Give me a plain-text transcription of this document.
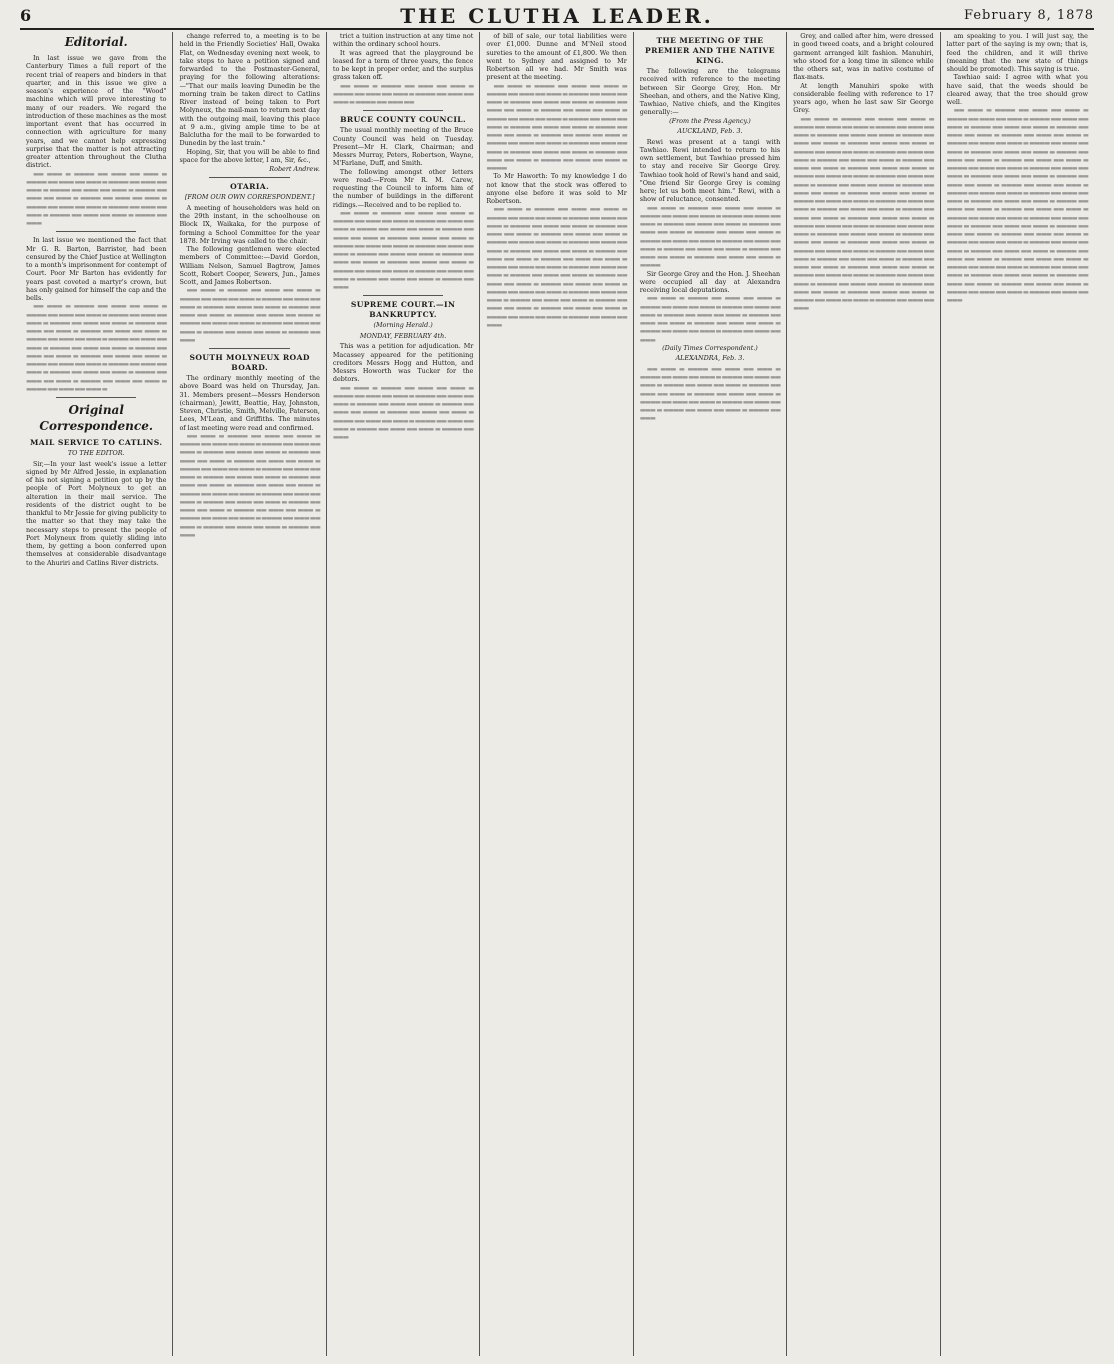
6	THE CLUTHA LEADER.	February 8, 1878
Editorial.

In last issue we gave from the Canterbury Times a full report of the recent trial of reapers and binders in that quarter, and in this issue we give a season's experience of the "Wood" machine which will prove interesting to many of our readers. We regard the introduction of these machines as the most important event that has occurred in connection with agriculture for many years, and we cannot help expressing surprise that the matter is not attracting greater attention throughout the Clutha district.

▬▬ ▬▬▬ ▬ ▬▬▬▬ ▬▬ ▬▬▬ ▬▬ ▬▬▬ ▬ ▬▬▬▬ ▬▬ ▬▬▬ ▬▬ ▬▬▬ ▬ ▬▬▬▬ ▬▬ ▬▬▬ ▬▬ ▬▬▬ ▬ ▬▬▬▬ ▬▬ ▬▬▬ ▬▬ ▬▬▬ ▬ ▬▬▬▬ ▬▬ ▬▬▬ ▬▬ ▬▬▬ ▬ ▬▬▬▬ ▬▬ ▬▬▬ ▬▬ ▬▬▬ ▬ ▬▬▬▬ ▬▬ ▬▬▬ ▬▬ ▬▬▬ ▬ ▬▬▬▬ ▬▬ ▬▬▬ ▬▬ ▬▬▬ ▬ ▬▬▬▬ ▬▬ ▬▬▬ ▬▬ ▬▬▬ ▬ ▬▬▬▬ ▬▬ ▬▬▬

In last issue we mentioned the fact that Mr G. R. Barton, Barrister, had been censured by the Chief Justice at Wellington to a month's imprisonment for contempt of Court. Poor Mr Barton has evidently for years past coveted a martyr's crown, but has only gained for himself the cap and the bells.

▬▬ ▬▬▬ ▬ ▬▬▬▬ ▬▬ ▬▬▬ ▬▬ ▬▬▬ ▬ ▬▬▬▬ ▬▬ ▬▬▬ ▬▬ ▬▬▬ ▬ ▬▬▬▬ ▬▬ ▬▬▬ ▬▬ ▬▬▬ ▬ ▬▬▬▬ ▬▬ ▬▬▬ ▬▬ ▬▬▬ ▬ ▬▬▬▬ ▬▬ ▬▬▬ ▬▬ ▬▬▬ ▬ ▬▬▬▬ ▬▬ ▬▬▬ ▬▬ ▬▬▬ ▬ ▬▬▬▬ ▬▬ ▬▬▬ ▬▬ ▬▬▬ ▬ ▬▬▬▬ ▬▬ ▬▬▬ ▬▬ ▬▬▬ ▬ ▬▬▬▬ ▬▬ ▬▬▬ ▬▬ ▬▬▬ ▬ ▬▬▬▬ ▬▬ ▬▬▬ ▬▬ ▬▬▬ ▬ ▬▬▬▬ ▬▬ ▬▬▬ ▬▬ ▬▬▬ ▬ ▬▬▬▬ ▬▬ ▬▬▬ ▬▬ ▬▬▬ ▬ ▬▬▬▬ ▬▬ ▬▬▬ ▬▬ ▬▬▬ ▬ ▬▬▬▬ ▬▬ ▬▬▬ ▬▬ ▬▬▬ ▬ ▬▬▬▬ ▬▬ ▬▬▬ ▬▬ ▬▬▬ ▬ ▬▬▬▬ ▬▬ ▬▬▬ ▬▬ ▬▬▬ ▬ ▬▬▬▬ ▬▬ ▬▬▬ ▬▬ ▬▬▬ ▬

Original Correspondence.
MAIL SERVICE TO CATLINS.
TO THE EDITOR.

Sir,—In your last week's issue a letter signed by Mr Alfred Jessie, in explanation of his not signing a petition got up by the people of Port Molyneux to get an alteration in their mail service. The residents of the district ought to be thankful to Mr Jessie for giving publicity to the matter so that they may take the necessary steps to present the people of Port Molyneux from quietly sliding into them, by getting a boon conferred upon themselves at considerable disadvantage to the Ahuriri and Catlins River districts.

change referred to, a meeting is to be held in the Friendly Societies' Hall, Owaka Flat, on Wednesday evening next week, to take steps to have a petition signed and forwarded to the Postmaster-General, praying for the following alterations:—"That our mails leaving Dunedin be the morning train be taken direct to Catlins River instead of being taken to Port Molyneux, the mail-man to return next day with the outgoing mail, leaving this place at 9 a.m., giving ample time to be at Balclutha for the mail to be forwarded to Dunedin by the last train."

Hoping, Sir, that you will be able to find space for the above letter, I am, Sir, &c.,

Robert Andrew.
OTARIA.
[FROM OUR OWN CORRESPONDENT.]

A meeting of householders was held on the 29th instant, in the schoolhouse on Block IX, Waikaka, for the purpose of forming a School Committee for the year 1878. Mr Irving was called to the chair.

The following gentlemen were elected members of Committee:—David Gordon, William Nelson, Samuel Bagtrow, James Scott, Robert Cooper, Sewers, Jun., James Scott, and James Robertson.

▬▬ ▬▬▬ ▬ ▬▬▬▬ ▬▬ ▬▬▬ ▬▬ ▬▬▬ ▬ ▬▬▬▬ ▬▬ ▬▬▬ ▬▬ ▬▬▬ ▬ ▬▬▬▬ ▬▬ ▬▬▬ ▬▬ ▬▬▬ ▬ ▬▬▬▬ ▬▬ ▬▬▬ ▬▬ ▬▬▬ ▬ ▬▬▬▬ ▬▬ ▬▬▬ ▬▬ ▬▬▬ ▬ ▬▬▬▬ ▬▬ ▬▬▬ ▬▬ ▬▬▬ ▬ ▬▬▬▬ ▬▬ ▬▬▬ ▬▬ ▬▬▬ ▬ ▬▬▬▬ ▬▬ ▬▬▬ ▬▬ ▬▬▬ ▬ ▬▬▬▬ ▬▬ ▬▬▬ ▬▬ ▬▬▬ ▬ ▬▬▬▬ ▬▬ ▬▬▬

SOUTH MOLYNEUX ROAD BOARD.

The ordinary monthly meeting of the above Board was held on Thursday, Jan. 31. Members present—Messrs Henderson (chairman), Jewitt, Beattie, Hay, Johnston, Steven, Christie, Smith, Melville, Paterson, Lees, M'Lean, and Griffiths. The minutes of last meeting were read and confirmed.

▬▬ ▬▬▬ ▬ ▬▬▬▬ ▬▬ ▬▬▬ ▬▬ ▬▬▬ ▬ ▬▬▬▬ ▬▬ ▬▬▬ ▬▬ ▬▬▬ ▬ ▬▬▬▬ ▬▬ ▬▬▬ ▬▬ ▬▬▬ ▬ ▬▬▬▬ ▬▬ ▬▬▬ ▬▬ ▬▬▬ ▬ ▬▬▬▬ ▬▬ ▬▬▬ ▬▬ ▬▬▬ ▬ ▬▬▬▬ ▬▬ ▬▬▬ ▬▬ ▬▬▬ ▬ ▬▬▬▬ ▬▬ ▬▬▬ ▬▬ ▬▬▬ ▬ ▬▬▬▬ ▬▬ ▬▬▬ ▬▬ ▬▬▬ ▬ ▬▬▬▬ ▬▬ ▬▬▬ ▬▬ ▬▬▬ ▬ ▬▬▬▬ ▬▬ ▬▬▬ ▬▬ ▬▬▬ ▬ ▬▬▬▬ ▬▬ ▬▬▬ ▬▬ ▬▬▬ ▬ ▬▬▬▬ ▬▬ ▬▬▬ ▬▬ ▬▬▬ ▬ ▬▬▬▬ ▬▬ ▬▬▬ ▬▬ ▬▬▬ ▬ ▬▬▬▬ ▬▬ ▬▬▬ ▬▬ ▬▬▬ ▬ ▬▬▬▬ ▬▬ ▬▬▬ ▬▬ ▬▬▬ ▬ ▬▬▬▬ ▬▬ ▬▬▬ ▬▬ ▬▬▬ ▬ ▬▬▬▬ ▬▬ ▬▬▬ ▬▬ ▬▬▬ ▬ ▬▬▬▬ ▬▬ ▬▬▬ ▬▬ ▬▬▬ ▬ ▬▬▬▬ ▬▬ ▬▬▬ ▬▬ ▬▬▬ ▬ ▬▬▬▬ ▬▬ ▬▬▬

trict a tuition instruction at any time not within the ordinary school hours.

It was agreed that the playground be leased for a term of three years, the fence to be kept in proper order, and the surplus grass taken off.

▬▬ ▬▬▬ ▬ ▬▬▬▬ ▬▬ ▬▬▬ ▬▬ ▬▬▬ ▬ ▬▬▬▬ ▬▬ ▬▬▬ ▬▬ ▬▬▬ ▬ ▬▬▬▬ ▬▬ ▬▬▬ ▬▬ ▬▬▬ ▬ ▬▬▬▬ ▬▬ ▬▬▬ ▬▬

BRUCE COUNTY COUNCIL.

The usual monthly meeting of the Bruce County Council was held on Tuesday. Present—Mr H. Clark, Chairman; and Messrs Murray, Peters, Robertson, Wayne, M'Farlane, Duff, and Smith.

The following amongst other letters were read:—From Mr R. M. Carew, requesting the Council to inform him of the number of buildings in the different ridings.—Received and to be replied to.

▬▬ ▬▬▬ ▬ ▬▬▬▬ ▬▬ ▬▬▬ ▬▬ ▬▬▬ ▬ ▬▬▬▬ ▬▬ ▬▬▬ ▬▬ ▬▬▬ ▬ ▬▬▬▬ ▬▬ ▬▬▬ ▬▬ ▬▬▬ ▬ ▬▬▬▬ ▬▬ ▬▬▬ ▬▬ ▬▬▬ ▬ ▬▬▬▬ ▬▬ ▬▬▬ ▬▬ ▬▬▬ ▬ ▬▬▬▬ ▬▬ ▬▬▬ ▬▬ ▬▬▬ ▬ ▬▬▬▬ ▬▬ ▬▬▬ ▬▬ ▬▬▬ ▬ ▬▬▬▬ ▬▬ ▬▬▬ ▬▬ ▬▬▬ ▬ ▬▬▬▬ ▬▬ ▬▬▬ ▬▬ ▬▬▬ ▬ ▬▬▬▬ ▬▬ ▬▬▬ ▬▬ ▬▬▬ ▬ ▬▬▬▬ ▬▬ ▬▬▬ ▬▬ ▬▬▬ ▬ ▬▬▬▬ ▬▬ ▬▬▬ ▬▬ ▬▬▬ ▬ ▬▬▬▬ ▬▬ ▬▬▬ ▬▬ ▬▬▬ ▬ ▬▬▬▬ ▬▬ ▬▬▬ ▬▬ ▬▬▬ ▬ ▬▬▬▬ ▬▬ ▬▬▬

SUPREME COURT.—IN BANKRUPTCY.
(Morning Herald.)
MONDAY, FEBRUARY 4th.

This was a petition for adjudication. Mr Macassey appeared for the petitioning creditors Messrs Hogg and Hutton, and Messrs Howorth was Tucker for the debtors.

▬▬ ▬▬▬ ▬ ▬▬▬▬ ▬▬ ▬▬▬ ▬▬ ▬▬▬ ▬ ▬▬▬▬ ▬▬ ▬▬▬ ▬▬ ▬▬▬ ▬ ▬▬▬▬ ▬▬ ▬▬▬ ▬▬ ▬▬▬ ▬ ▬▬▬▬ ▬▬ ▬▬▬ ▬▬ ▬▬▬ ▬ ▬▬▬▬ ▬▬ ▬▬▬ ▬▬ ▬▬▬ ▬ ▬▬▬▬ ▬▬ ▬▬▬ ▬▬ ▬▬▬ ▬ ▬▬▬▬ ▬▬ ▬▬▬ ▬▬ ▬▬▬ ▬ ▬▬▬▬ ▬▬ ▬▬▬ ▬▬ ▬▬▬ ▬ ▬▬▬▬ ▬▬ ▬▬▬ ▬▬ ▬▬▬ ▬ ▬▬▬▬ ▬▬ ▬▬▬

of bill of sale, our total liabilities were over £1,000. Dunne and M'Neil stood sureties to the amount of £1,800. We then went to Sydney and assigned to Mr Robertson all we had. Mr Smith was present at the meeting.

▬▬ ▬▬▬ ▬ ▬▬▬▬ ▬▬ ▬▬▬ ▬▬ ▬▬▬ ▬ ▬▬▬▬ ▬▬ ▬▬▬ ▬▬ ▬▬▬ ▬ ▬▬▬▬ ▬▬ ▬▬▬ ▬▬ ▬▬▬ ▬ ▬▬▬▬ ▬▬ ▬▬▬ ▬▬ ▬▬▬ ▬ ▬▬▬▬ ▬▬ ▬▬▬ ▬▬ ▬▬▬ ▬ ▬▬▬▬ ▬▬ ▬▬▬ ▬▬ ▬▬▬ ▬ ▬▬▬▬ ▬▬ ▬▬▬ ▬▬ ▬▬▬ ▬ ▬▬▬▬ ▬▬ ▬▬▬ ▬▬ ▬▬▬ ▬ ▬▬▬▬ ▬▬ ▬▬▬ ▬▬ ▬▬▬ ▬ ▬▬▬▬ ▬▬ ▬▬▬ ▬▬ ▬▬▬ ▬ ▬▬▬▬ ▬▬ ▬▬▬ ▬▬ ▬▬▬ ▬ ▬▬▬▬ ▬▬ ▬▬▬ ▬▬ ▬▬▬ ▬ ▬▬▬▬ ▬▬ ▬▬▬ ▬▬ ▬▬▬ ▬ ▬▬▬▬ ▬▬ ▬▬▬ ▬▬ ▬▬▬ ▬ ▬▬▬▬ ▬▬ ▬▬▬ ▬▬ ▬▬▬ ▬ ▬▬▬▬ ▬▬ ▬▬▬ ▬▬ ▬▬▬ ▬ ▬▬▬▬

To Mr Haworth: To my knowledge I do not know that the stock was offered to anyone else before it was sold to Mr Robertson.

▬▬ ▬▬▬ ▬ ▬▬▬▬ ▬▬ ▬▬▬ ▬▬ ▬▬▬ ▬ ▬▬▬▬ ▬▬ ▬▬▬ ▬▬ ▬▬▬ ▬ ▬▬▬▬ ▬▬ ▬▬▬ ▬▬ ▬▬▬ ▬ ▬▬▬▬ ▬▬ ▬▬▬ ▬▬ ▬▬▬ ▬ ▬▬▬▬ ▬▬ ▬▬▬ ▬▬ ▬▬▬ ▬ ▬▬▬▬ ▬▬ ▬▬▬ ▬▬ ▬▬▬ ▬ ▬▬▬▬ ▬▬ ▬▬▬ ▬▬ ▬▬▬ ▬ ▬▬▬▬ ▬▬ ▬▬▬ ▬▬ ▬▬▬ ▬ ▬▬▬▬ ▬▬ ▬▬▬ ▬▬ ▬▬▬ ▬ ▬▬▬▬ ▬▬ ▬▬▬ ▬▬ ▬▬▬ ▬ ▬▬▬▬ ▬▬ ▬▬▬ ▬▬ ▬▬▬ ▬ ▬▬▬▬ ▬▬ ▬▬▬ ▬▬ ▬▬▬ ▬ ▬▬▬▬ ▬▬ ▬▬▬ ▬▬ ▬▬▬ ▬ ▬▬▬▬ ▬▬ ▬▬▬ ▬▬ ▬▬▬ ▬ ▬▬▬▬ ▬▬ ▬▬▬ ▬▬ ▬▬▬ ▬ ▬▬▬▬ ▬▬ ▬▬▬ ▬▬ ▬▬▬ ▬ ▬▬▬▬ ▬▬ ▬▬▬ ▬▬ ▬▬▬ ▬ ▬▬▬▬ ▬▬ ▬▬▬ ▬▬ ▬▬▬ ▬ ▬▬▬▬ ▬▬ ▬▬▬ ▬▬ ▬▬▬ ▬ ▬▬▬▬ ▬▬ ▬▬▬ ▬▬ ▬▬▬ ▬ ▬▬▬▬ ▬▬ ▬▬▬ ▬▬ ▬▬▬ ▬ ▬▬▬▬ ▬▬ ▬▬▬ ▬▬ ▬▬▬ ▬ ▬▬▬▬ ▬▬ ▬▬▬ ▬▬ ▬▬▬

THE MEETING OF THE PREMIER AND THE NATIVE KING.

The following are the telegrams received with reference to the meeting between Sir George Grey, Hon. Mr Sheehan, and others, and the Native King, Tawhiao, Native chiefs, and the Kingites generally:—

(From the Press Agency.)
AUCKLAND, Feb. 3.

Rewi was present at a tangi with Tawhiao. Rewi intended to return to his own settlement, but Tawhiao pressed him to stay and receive Sir George Grey. Tawhiao took hold of Rewi's hand and said, "One friend Sir George Grey is coming here; let us both meet him." Rewi, with a show of reluctance, consented.

▬▬ ▬▬▬ ▬ ▬▬▬▬ ▬▬ ▬▬▬ ▬▬ ▬▬▬ ▬ ▬▬▬▬ ▬▬ ▬▬▬ ▬▬ ▬▬▬ ▬ ▬▬▬▬ ▬▬ ▬▬▬ ▬▬ ▬▬▬ ▬ ▬▬▬▬ ▬▬ ▬▬▬ ▬▬ ▬▬▬ ▬ ▬▬▬▬ ▬▬ ▬▬▬ ▬▬ ▬▬▬ ▬ ▬▬▬▬ ▬▬ ▬▬▬ ▬▬ ▬▬▬ ▬ ▬▬▬▬ ▬▬ ▬▬▬ ▬▬ ▬▬▬ ▬ ▬▬▬▬ ▬▬ ▬▬▬ ▬▬ ▬▬▬ ▬ ▬▬▬▬ ▬▬ ▬▬▬ ▬▬ ▬▬▬ ▬ ▬▬▬▬ ▬▬ ▬▬▬ ▬▬ ▬▬▬ ▬ ▬▬▬▬ ▬▬ ▬▬▬ ▬▬ ▬▬▬ ▬ ▬▬▬▬

Sir George Grey and the Hon. J. Sheehan were occupied all day at Alexandra receiving local deputations.

▬▬ ▬▬▬ ▬ ▬▬▬▬ ▬▬ ▬▬▬ ▬▬ ▬▬▬ ▬ ▬▬▬▬ ▬▬ ▬▬▬ ▬▬ ▬▬▬ ▬ ▬▬▬▬ ▬▬ ▬▬▬ ▬▬ ▬▬▬ ▬ ▬▬▬▬ ▬▬ ▬▬▬ ▬▬ ▬▬▬ ▬ ▬▬▬▬ ▬▬ ▬▬▬ ▬▬ ▬▬▬ ▬ ▬▬▬▬ ▬▬ ▬▬▬ ▬▬ ▬▬▬ ▬ ▬▬▬▬ ▬▬ ▬▬▬ ▬▬ ▬▬▬ ▬ ▬▬▬▬ ▬▬ ▬▬▬ ▬▬ ▬▬▬

(Daily Times Correspondent.)
ALEXANDRA, Feb. 3.

▬▬ ▬▬▬ ▬ ▬▬▬▬ ▬▬ ▬▬▬ ▬▬ ▬▬▬ ▬ ▬▬▬▬ ▬▬ ▬▬▬ ▬▬ ▬▬▬ ▬ ▬▬▬▬ ▬▬ ▬▬▬ ▬▬ ▬▬▬ ▬ ▬▬▬▬ ▬▬ ▬▬▬ ▬▬ ▬▬▬ ▬ ▬▬▬▬ ▬▬ ▬▬▬ ▬▬ ▬▬▬ ▬ ▬▬▬▬ ▬▬ ▬▬▬ ▬▬ ▬▬▬ ▬ ▬▬▬▬ ▬▬ ▬▬▬ ▬▬ ▬▬▬ ▬ ▬▬▬▬ ▬▬ ▬▬▬ ▬▬ ▬▬▬ ▬ ▬▬▬▬ ▬▬ ▬▬▬ ▬▬ ▬▬▬ ▬ ▬▬▬▬ ▬▬ ▬▬▬

Grey, and called after him, were dressed in good tweed coats, and a bright coloured garment arranged kilt fashion. Manuhiri, who stood for a long time in silence while the others sat, was in native costume of flax-mats.

At length Manuhiri spoke with considerable feeling with reference to 17 years ago, when he last saw Sir George Grey.

▬▬ ▬▬▬ ▬ ▬▬▬▬ ▬▬ ▬▬▬ ▬▬ ▬▬▬ ▬ ▬▬▬▬ ▬▬ ▬▬▬ ▬▬ ▬▬▬ ▬ ▬▬▬▬ ▬▬ ▬▬▬ ▬▬ ▬▬▬ ▬ ▬▬▬▬ ▬▬ ▬▬▬ ▬▬ ▬▬▬ ▬ ▬▬▬▬ ▬▬ ▬▬▬ ▬▬ ▬▬▬ ▬ ▬▬▬▬ ▬▬ ▬▬▬ ▬▬ ▬▬▬ ▬ ▬▬▬▬ ▬▬ ▬▬▬ ▬▬ ▬▬▬ ▬ ▬▬▬▬ ▬▬ ▬▬▬ ▬▬ ▬▬▬ ▬ ▬▬▬▬ ▬▬ ▬▬▬ ▬▬ ▬▬▬ ▬ ▬▬▬▬ ▬▬ ▬▬▬ ▬▬ ▬▬▬ ▬ ▬▬▬▬ ▬▬ ▬▬▬ ▬▬ ▬▬▬ ▬ ▬▬▬▬ ▬▬ ▬▬▬ ▬▬ ▬▬▬ ▬ ▬▬▬▬ ▬▬ ▬▬▬ ▬▬ ▬▬▬ ▬ ▬▬▬▬ ▬▬ ▬▬▬ ▬▬ ▬▬▬ ▬ ▬▬▬▬ ▬▬ ▬▬▬ ▬▬ ▬▬▬ ▬ ▬▬▬▬ ▬▬ ▬▬▬ ▬▬ ▬▬▬ ▬ ▬▬▬▬ ▬▬ ▬▬▬ ▬▬ ▬▬▬ ▬ ▬▬▬▬ ▬▬ ▬▬▬ ▬▬ ▬▬▬ ▬ ▬▬▬▬ ▬▬ ▬▬▬ ▬▬ ▬▬▬ ▬ ▬▬▬▬ ▬▬ ▬▬▬ ▬▬ ▬▬▬ ▬ ▬▬▬▬ ▬▬ ▬▬▬ ▬▬ ▬▬▬ ▬ ▬▬▬▬ ▬▬ ▬▬▬ ▬▬ ▬▬▬ ▬ ▬▬▬▬ ▬▬ ▬▬▬ ▬▬ ▬▬▬ ▬ ▬▬▬▬ ▬▬ ▬▬▬ ▬▬ ▬▬▬ ▬ ▬▬▬▬ ▬▬ ▬▬▬ ▬▬ ▬▬▬ ▬ ▬▬▬▬ ▬▬ ▬▬▬ ▬▬ ▬▬▬ ▬ ▬▬▬▬ ▬▬ ▬▬▬ ▬▬ ▬▬▬ ▬ ▬▬▬▬ ▬▬ ▬▬▬ ▬▬ ▬▬▬ ▬ ▬▬▬▬ ▬▬ ▬▬▬ ▬▬ ▬▬▬ ▬ ▬▬▬▬ ▬▬ ▬▬▬ ▬▬ ▬▬▬ ▬ ▬▬▬▬ ▬▬ ▬▬▬ ▬▬ ▬▬▬ ▬ ▬▬▬▬ ▬▬ ▬▬▬ ▬▬ ▬▬▬ ▬ ▬▬▬▬ ▬▬ ▬▬▬ ▬▬ ▬▬▬ ▬ ▬▬▬▬ ▬▬ ▬▬▬ ▬▬ ▬▬▬ ▬ ▬▬▬▬ ▬▬ ▬▬▬ ▬▬ ▬▬▬ ▬ ▬▬▬▬ ▬▬ ▬▬▬ ▬▬ ▬▬▬ ▬ ▬▬▬▬ ▬▬ ▬▬▬ ▬▬ ▬▬▬ ▬ ▬▬▬▬ ▬▬ ▬▬▬ ▬▬ ▬▬▬

am speaking to you. I will just say, the latter part of the saying is my own; that is, feed the children, and it will thrive (meaning that the new state of things should be promoted). This saying is true.

Tawhiao said: I agree with what you have said, that the weeds should be cleared away, that the tree should grow well.

▬▬ ▬▬▬ ▬ ▬▬▬▬ ▬▬ ▬▬▬ ▬▬ ▬▬▬ ▬ ▬▬▬▬ ▬▬ ▬▬▬ ▬▬ ▬▬▬ ▬ ▬▬▬▬ ▬▬ ▬▬▬ ▬▬ ▬▬▬ ▬ ▬▬▬▬ ▬▬ ▬▬▬ ▬▬ ▬▬▬ ▬ ▬▬▬▬ ▬▬ ▬▬▬ ▬▬ ▬▬▬ ▬ ▬▬▬▬ ▬▬ ▬▬▬ ▬▬ ▬▬▬ ▬ ▬▬▬▬ ▬▬ ▬▬▬ ▬▬ ▬▬▬ ▬ ▬▬▬▬ ▬▬ ▬▬▬ ▬▬ ▬▬▬ ▬ ▬▬▬▬ ▬▬ ▬▬▬ ▬▬ ▬▬▬ ▬ ▬▬▬▬ ▬▬ ▬▬▬ ▬▬ ▬▬▬ ▬ ▬▬▬▬ ▬▬ ▬▬▬ ▬▬ ▬▬▬ ▬ ▬▬▬▬ ▬▬ ▬▬▬ ▬▬ ▬▬▬ ▬ ▬▬▬▬ ▬▬ ▬▬▬ ▬▬ ▬▬▬ ▬ ▬▬▬▬ ▬▬ ▬▬▬ ▬▬ ▬▬▬ ▬ ▬▬▬▬ ▬▬ ▬▬▬ ▬▬ ▬▬▬ ▬ ▬▬▬▬ ▬▬ ▬▬▬ ▬▬ ▬▬▬ ▬ ▬▬▬▬ ▬▬ ▬▬▬ ▬▬ ▬▬▬ ▬ ▬▬▬▬ ▬▬ ▬▬▬ ▬▬ ▬▬▬ ▬ ▬▬▬▬ ▬▬ ▬▬▬ ▬▬ ▬▬▬ ▬ ▬▬▬▬ ▬▬ ▬▬▬ ▬▬ ▬▬▬ ▬ ▬▬▬▬ ▬▬ ▬▬▬ ▬▬ ▬▬▬ ▬ ▬▬▬▬ ▬▬ ▬▬▬ ▬▬ ▬▬▬ ▬ ▬▬▬▬ ▬▬ ▬▬▬ ▬▬ ▬▬▬ ▬ ▬▬▬▬ ▬▬ ▬▬▬ ▬▬ ▬▬▬ ▬ ▬▬▬▬ ▬▬ ▬▬▬ ▬▬ ▬▬▬ ▬ ▬▬▬▬ ▬▬ ▬▬▬ ▬▬ ▬▬▬ ▬ ▬▬▬▬ ▬▬ ▬▬▬ ▬▬ ▬▬▬ ▬ ▬▬▬▬ ▬▬ ▬▬▬ ▬▬ ▬▬▬ ▬ ▬▬▬▬ ▬▬ ▬▬▬ ▬▬ ▬▬▬ ▬ ▬▬▬▬ ▬▬ ▬▬▬ ▬▬ ▬▬▬ ▬ ▬▬▬▬ ▬▬ ▬▬▬ ▬▬ ▬▬▬ ▬ ▬▬▬▬ ▬▬ ▬▬▬ ▬▬ ▬▬▬ ▬ ▬▬▬▬ ▬▬ ▬▬▬ ▬▬ ▬▬▬ ▬ ▬▬▬▬ ▬▬ ▬▬▬ ▬▬ ▬▬▬ ▬ ▬▬▬▬ ▬▬ ▬▬▬ ▬▬ ▬▬▬ ▬ ▬▬▬▬ ▬▬ ▬▬▬ ▬▬ ▬▬▬ ▬ ▬▬▬▬ ▬▬ ▬▬▬ ▬▬ ▬▬▬ ▬ ▬▬▬▬ ▬▬ ▬▬▬ ▬▬ ▬▬▬
